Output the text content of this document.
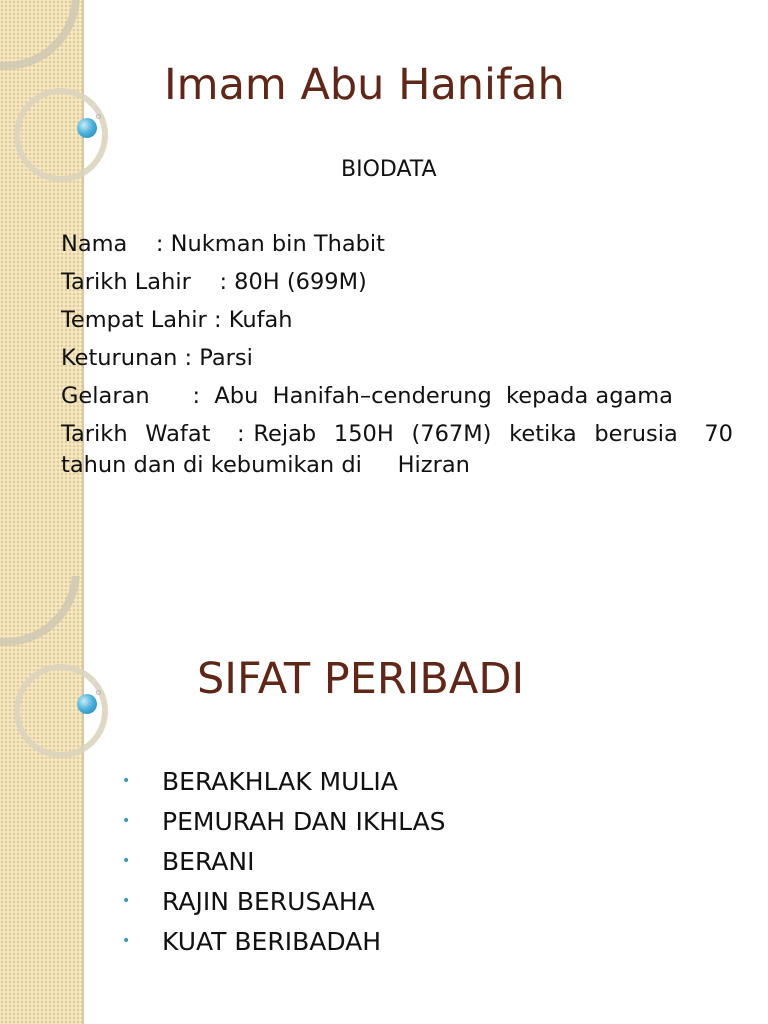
Imam Abu Hanifah
BIODATA
Nama    : Nukman bin Thabit
Tarikh Lahir    : 80H (699M)
Tempat Lahir : Kufah
Keturunan : Parsi
Gelaran      :  Abu  Hanifah–cenderung  kepada agama
Tarikh  Wafat   : Rejab  150H  (767M)  ketika  berusia   70 tahun dan di kebumikan di     Hizran
SIFAT PERIBADI
•	BERAKHLAK MULIA
•	PEMURAH DAN IKHLAS
•	BERANI
•	RAJIN BERUSAHA
•	KUAT BERIBADAH
